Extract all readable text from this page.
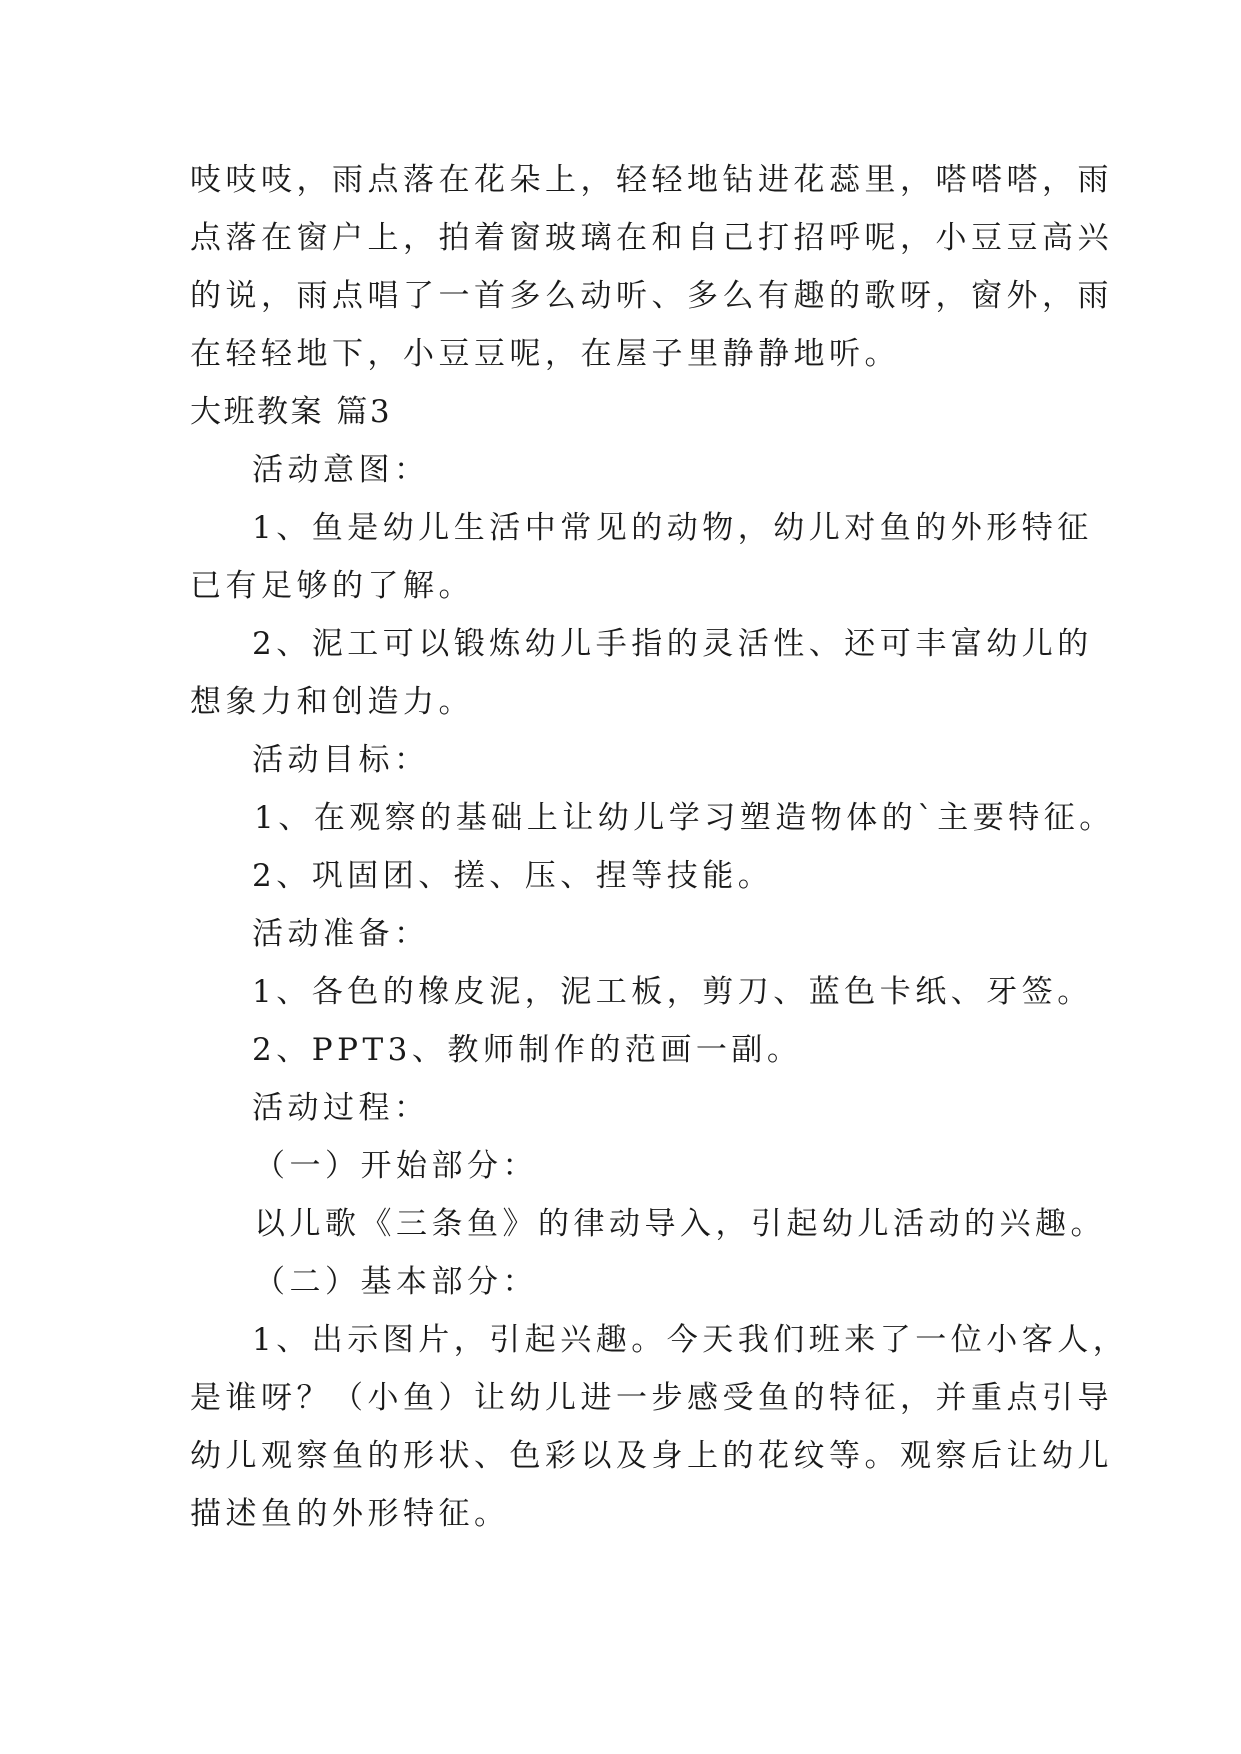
吱吱吱，雨点落在花朵上，轻轻地钻进花蕊里，嗒嗒嗒，雨
点落在窗户上，拍着窗玻璃在和自己打招呼呢，小豆豆高兴
的说，雨点唱了一首多么动听、多么有趣的歌呀，窗外，雨
在轻轻地下，小豆豆呢，在屋子里静静地听。
大班教案 篇3
活动意图：
1、鱼是幼儿生活中常见的动物，幼儿对鱼的外形特征
已有足够的了解。
2、泥工可以锻炼幼儿手指的灵活性、还可丰富幼儿的
想象力和创造力。
活动目标：
1、在观察的基础上让幼儿学习塑造物体的`主要特征。
2、巩固团、搓、压、捏等技能。
活动准备：
1、各色的橡皮泥，泥工板，剪刀、蓝色卡纸、牙签。
2、PPT3、教师制作的范画一副。
活动过程：
（一）开始部分：
以儿歌《三条鱼》的律动导入，引起幼儿活动的兴趣。
（二）基本部分：
1、出示图片，引起兴趣。今天我们班来了一位小客人，
是谁呀？（小鱼）让幼儿进一步感受鱼的特征，并重点引导
幼儿观察鱼的形状、色彩以及身上的花纹等。观察后让幼儿
描述鱼的外形特征。
